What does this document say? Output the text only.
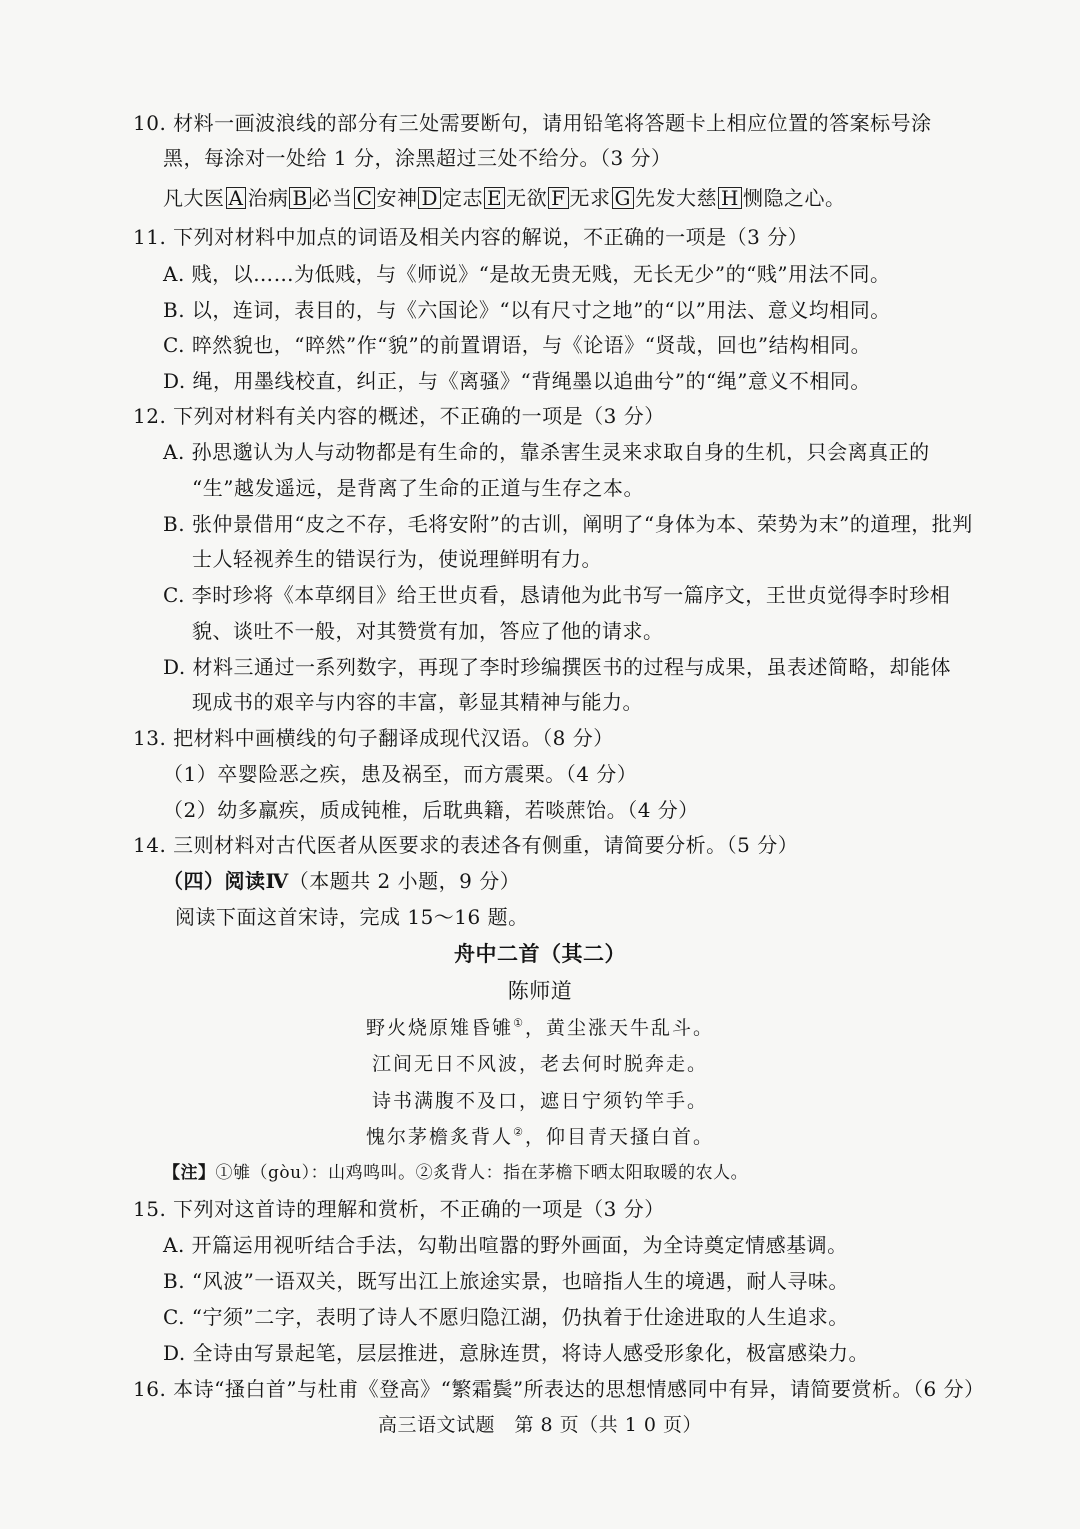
10. 材料一画波浪线的部分有三处需要断句，请用铅笔将答题卡上相应位置的答案标号涂
黑，每涂对一处给 1 分，涂黑超过三处不给分。（3 分）
凡大医 A 治病 B 必当 C 安神 D 定志 E 无欲 F 无求 G 先发大慈 H 恻隐之心。
11. 下列对材料中加点的词语及相关内容的解说，不正确的一项是（3 分）
A. 贱，以……为低贱，与《师说》“是故无贵无贱，无长无少”的“贱”用法不同。
B. 以，连词，表目的，与《六国论》“以有尺寸之地”的“以”用法、意义均相同。
C. 晬然貌也，“晬然”作“貌”的前置谓语，与《论语》“贤哉，回也”结构相同。
D. 绳，用墨线校直，纠正，与《离骚》“背绳墨以追曲兮”的“绳”意义不相同。
12. 下列对材料有关内容的概述，不正确的一项是（3 分）
A. 孙思邈认为人与动物都是有生命的，靠杀害生灵来求取自身的生机，只会离真正的
“生”越发遥远，是背离了生命的正道与生存之本。
B. 张仲景借用“皮之不存，毛将安附”的古训，阐明了“身体为本、荣势为末”的道理，批判
士人轻视养生的错误行为，使说理鲜明有力。
C. 李时珍将《本草纲目》给王世贞看，恳请他为此书写一篇序文，王世贞觉得李时珍相
貌、谈吐不一般，对其赞赏有加，答应了他的请求。
D. 材料三通过一系列数字，再现了李时珍编撰医书的过程与成果，虽表述简略，却能体
现成书的艰辛与内容的丰富，彰显其精神与能力。
13. 把材料中画横线的句子翻译成现代汉语。（8 分）
（1）卒婴险恶之疾，患及祸至，而方震栗。（4 分）
（2）幼多羸疾，质成钝椎，后耽典籍，若啖蔗饴。（4 分）
14. 三则材料对古代医者从医要求的表述各有侧重，请简要分析。（5 分）
（四）阅读Ⅳ（本题共 2 小题，9 分）
阅读下面这首宋诗，完成 15～16 题。
舟中二首（其二）
陈师道
野火烧原雉昏雊①，黄尘涨天牛乱斗。
江间无日不风波，老去何时脱奔走。
诗书满腹不及口，遮日宁须钓竿手。
愧尔茅檐炙背人②，仰目青天搔白首。
【注】①雊（gòu）：山鸡鸣叫。②炙背人：指在茅檐下晒太阳取暖的农人。
15. 下列对这首诗的理解和赏析，不正确的一项是（3 分）
A. 开篇运用视听结合手法，勾勒出喧嚣的野外画面，为全诗奠定情感基调。
B. “风波”一语双关，既写出江上旅途实景，也暗指人生的境遇，耐人寻味。
C. “宁须”二字，表明了诗人不愿归隐江湖，仍执着于仕途进取的人生追求。
D. 全诗由写景起笔，层层推进，意脉连贯，将诗人感受形象化，极富感染力。
16. 本诗“搔白首”与杜甫《登高》“繁霜鬓”所表达的思想情感同中有异，请简要赏析。（6 分）
高三语文试题　第 8 页（共 1 0 页）
